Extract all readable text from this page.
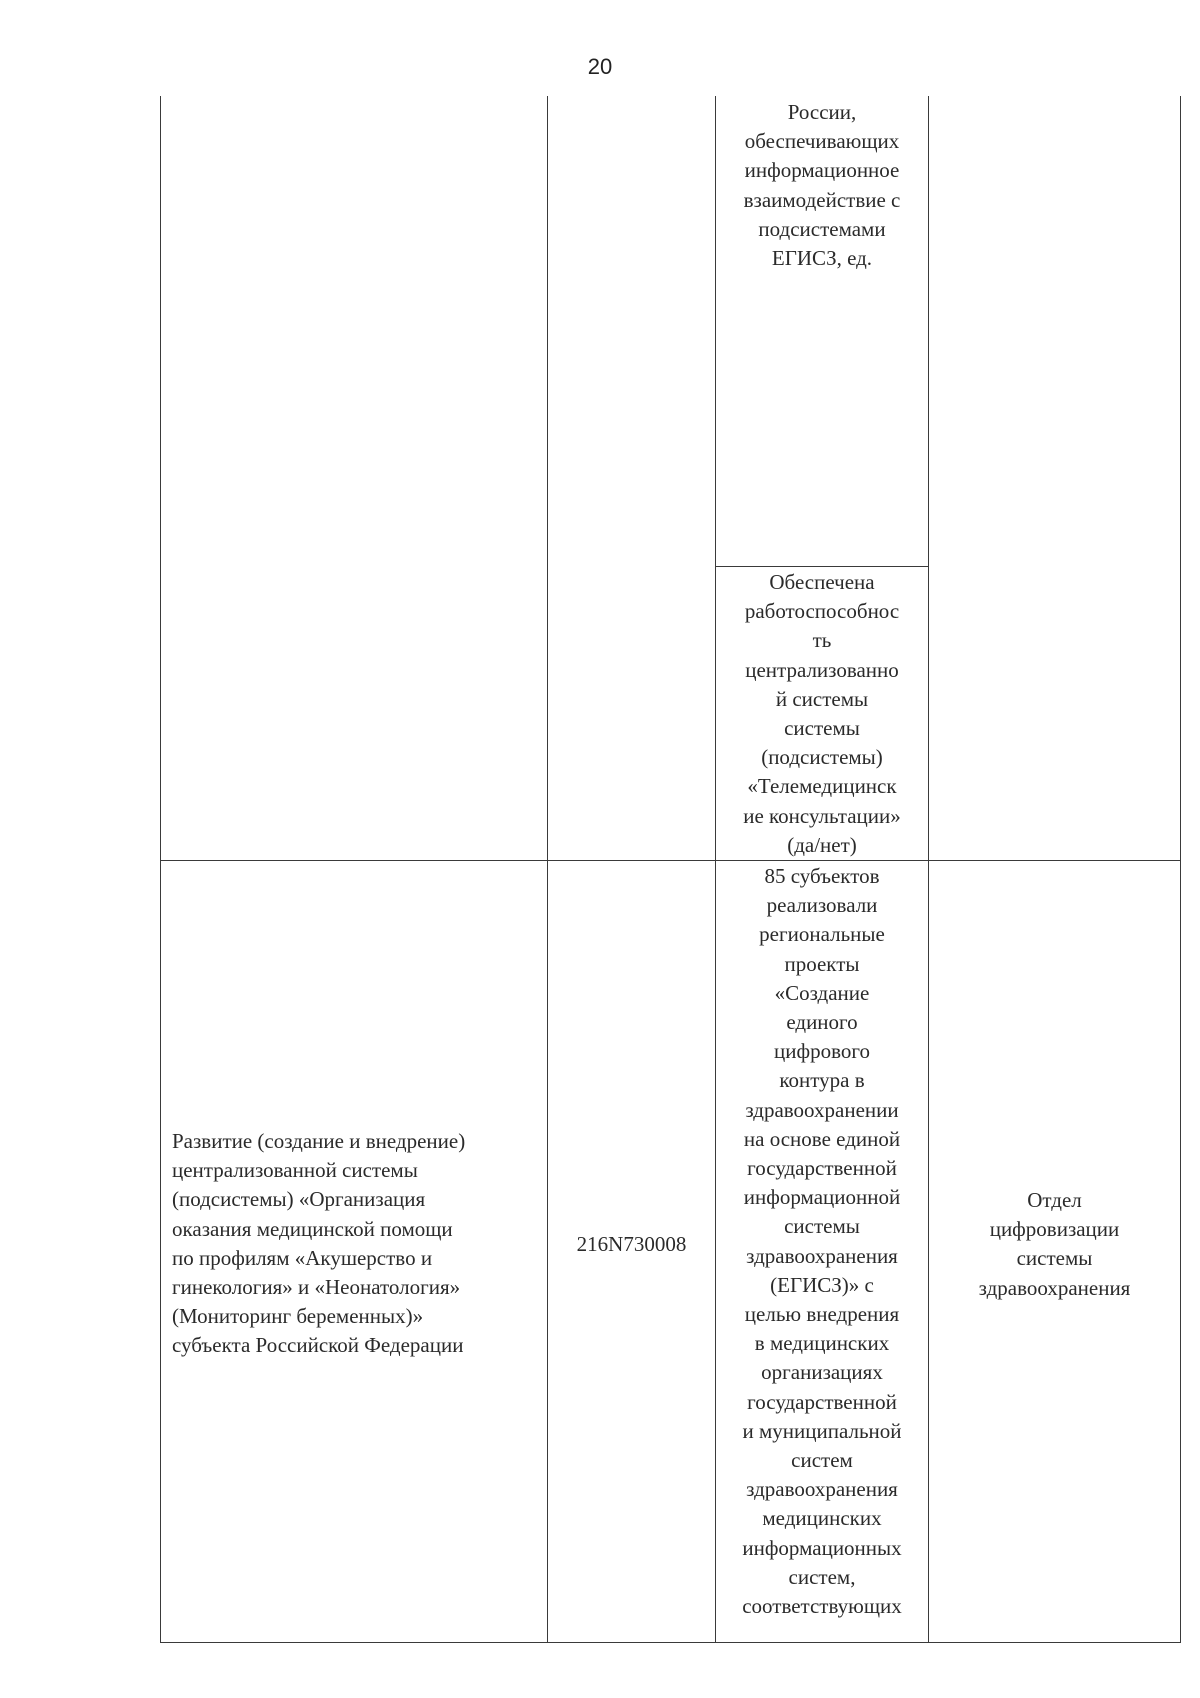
20
России,
обеспечивающих
информационное
взаимодействие с
подсистемами
ЕГИСЗ, ед.
Обеспечена
работоспособнос
ть
централизованно
й системы
системы
(подсистемы)
«Телемедицинск
ие консультации»
(да/нет)
Развитие (создание и внедрение)
централизованной системы
(подсистемы) «Организация
оказания медицинской помощи
по профилям «Акушерство и
гинекология» и «Неонатология»
(Мониторинг беременных)»
субъекта Российской Федерации
216N730008
85 субъектов
реализовали
региональные
проекты
«Создание
единого
цифрового
контура в
здравоохранении
на основе единой
государственной
информационной
системы
здравоохранения
(ЕГИСЗ)» с
целью внедрения
в медицинских
организациях
государственной
и муниципальной
систем
здравоохранения
медицинских
информационных
систем,
соответствующих
Отдел
цифровизации
системы
здравоохранения
